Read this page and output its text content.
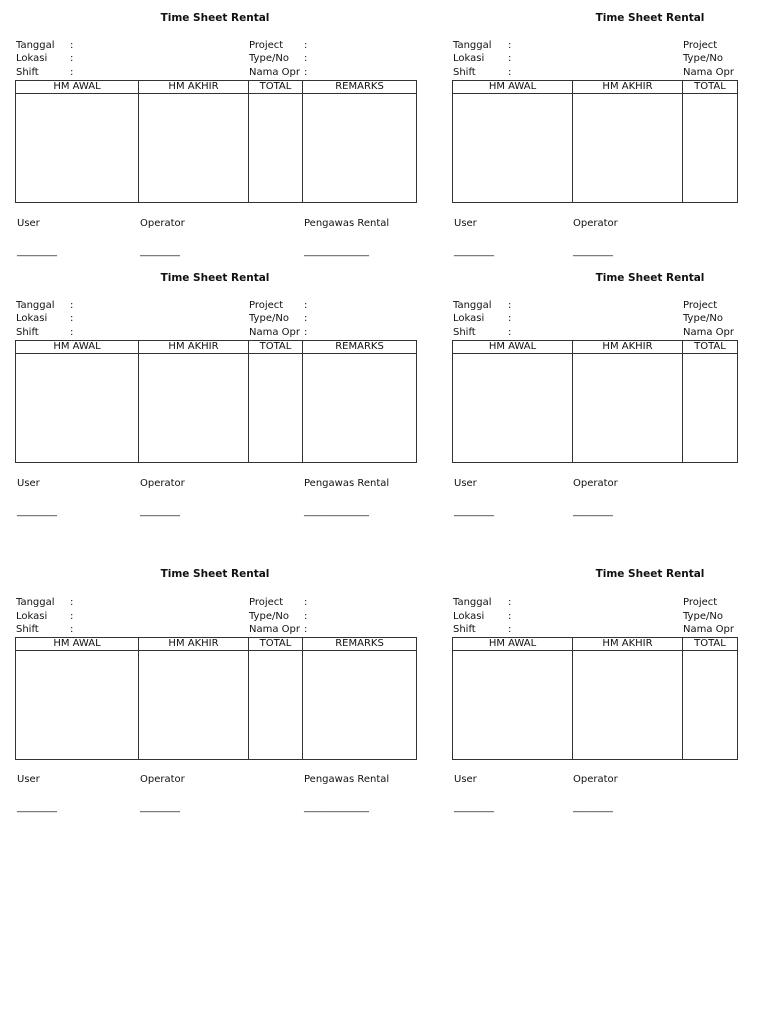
Time Sheet Rental
Tanggal :
Lokasi :
Shift	:
Project :
Type/No :
Nama Opr :
HM AWAL	HM AKHIR	TOTAL	REMARKS

User	Operator	Pengawas Rental
________	________	_____________
Time Sheet Rental
Tanggal :
Lokasi :
Shift	:
Project
Type/No
Nama Opr
HM AWAL	HM AKHIR	TOTAL

User	Operator
________	________
Time Sheet Rental
Tanggal :
Lokasi :
Shift	:
Project :
Type/No :
Nama Opr :
HM AWAL	HM AKHIR	TOTAL	REMARKS

User	Operator	Pengawas Rental
________	________	_____________
Time Sheet Rental
Tanggal :
Lokasi :
Shift	:
Project
Type/No
Nama Opr
HM AWAL	HM AKHIR	TOTAL

User	Operator
________	________
Time Sheet Rental
Tanggal :
Lokasi :
Shift	:
Project :
Type/No :
Nama Opr :
HM AWAL	HM AKHIR	TOTAL	REMARKS

User	Operator	Pengawas Rental
________	________	_____________
Time Sheet Rental
Tanggal :
Lokasi :
Shift	:
Project
Type/No
Nama Opr
HM AWAL	HM AKHIR	TOTAL

User	Operator
________	________
